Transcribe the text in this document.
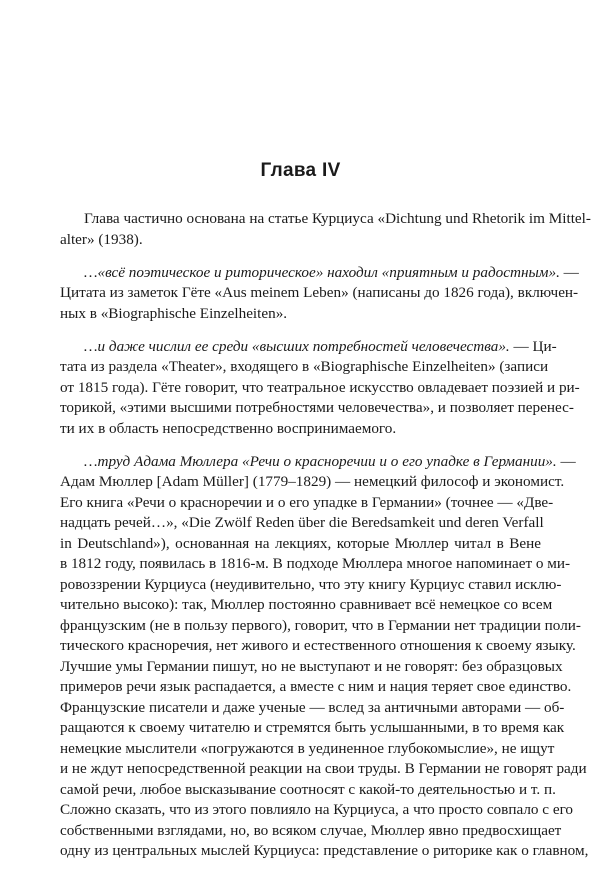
Глава IV

Глава частично основана на статье Курциуса «Dichtung und Rhetorik im Mittel-
alter» (1938).

…«всё поэтическое и риторическое» находил «приятным и радостным». —
Цитата из заметок Гёте «Aus meinem Leben» (написаны до 1826 года), включен-
ных в «Biographische Einzelheiten».

…и даже числил ее среди «высших потребностей человечества». — Ци-
тата из раздела «Theater», входящего в «Biographische Einzelheiten» (записи
от 1815 года). Гёте говорит, что театральное искусство овладевает поэзией и ри-
торикой, «этими высшими потребностями человечества», и позволяет перенес-
ти их в область непосредственно воспринимаемого.

…труд Адама Мюллера «Речи о красноречии и о его упадке в Германии». —
Адам Мюллер [Adam Müller] (1779–1829) — немецкий философ и экономист.
Его книга «Речи о красноречии и о его упадке в Германии» (точнее — «Две-
надцать речей…», «Die Zwölf Reden über die Beredsamkeit und deren Verfall
in Deutschland»), основанная на лекциях, которые Мюллер читал в Вене
в 1812 году, появилась в 1816-м. В подходе Мюллера многое напоминает о ми-
ровоззрении Курциуса (неудивительно, что эту книгу Курциус ставил исклю-
чительно высоко): так, Мюллер постоянно сравнивает всё немецкое со всем
французским (не в пользу первого), говорит, что в Германии нет традиции поли-
тического красноречия, нет живого и естественного отношения к своему языку.
Лучшие умы Германии пишут, но не выступают и не говорят: без образцовых
примеров речи язык распадается, а вместе с ним и нация теряет свое единство.
Французские писатели и даже ученые — вслед за античными авторами — об-
ращаются к своему читателю и стремятся быть услышанными, в то время как
немецкие мыслители «погружаются в уединенное глубокомыслие», не ищут
и не ждут непосредственной реакции на свои труды. В Германии не говорят ради
самой речи, любое высказывание соотносят с какой-то деятельностью и т. п.
Сложно сказать, что из этого повлияло на Курциуса, а что просто совпало с его
собственными взглядами, но, во всяком случае, Мюллер явно предвосхищает
одну из центральных мыслей Курциуса: представление о риторике как о главном,
